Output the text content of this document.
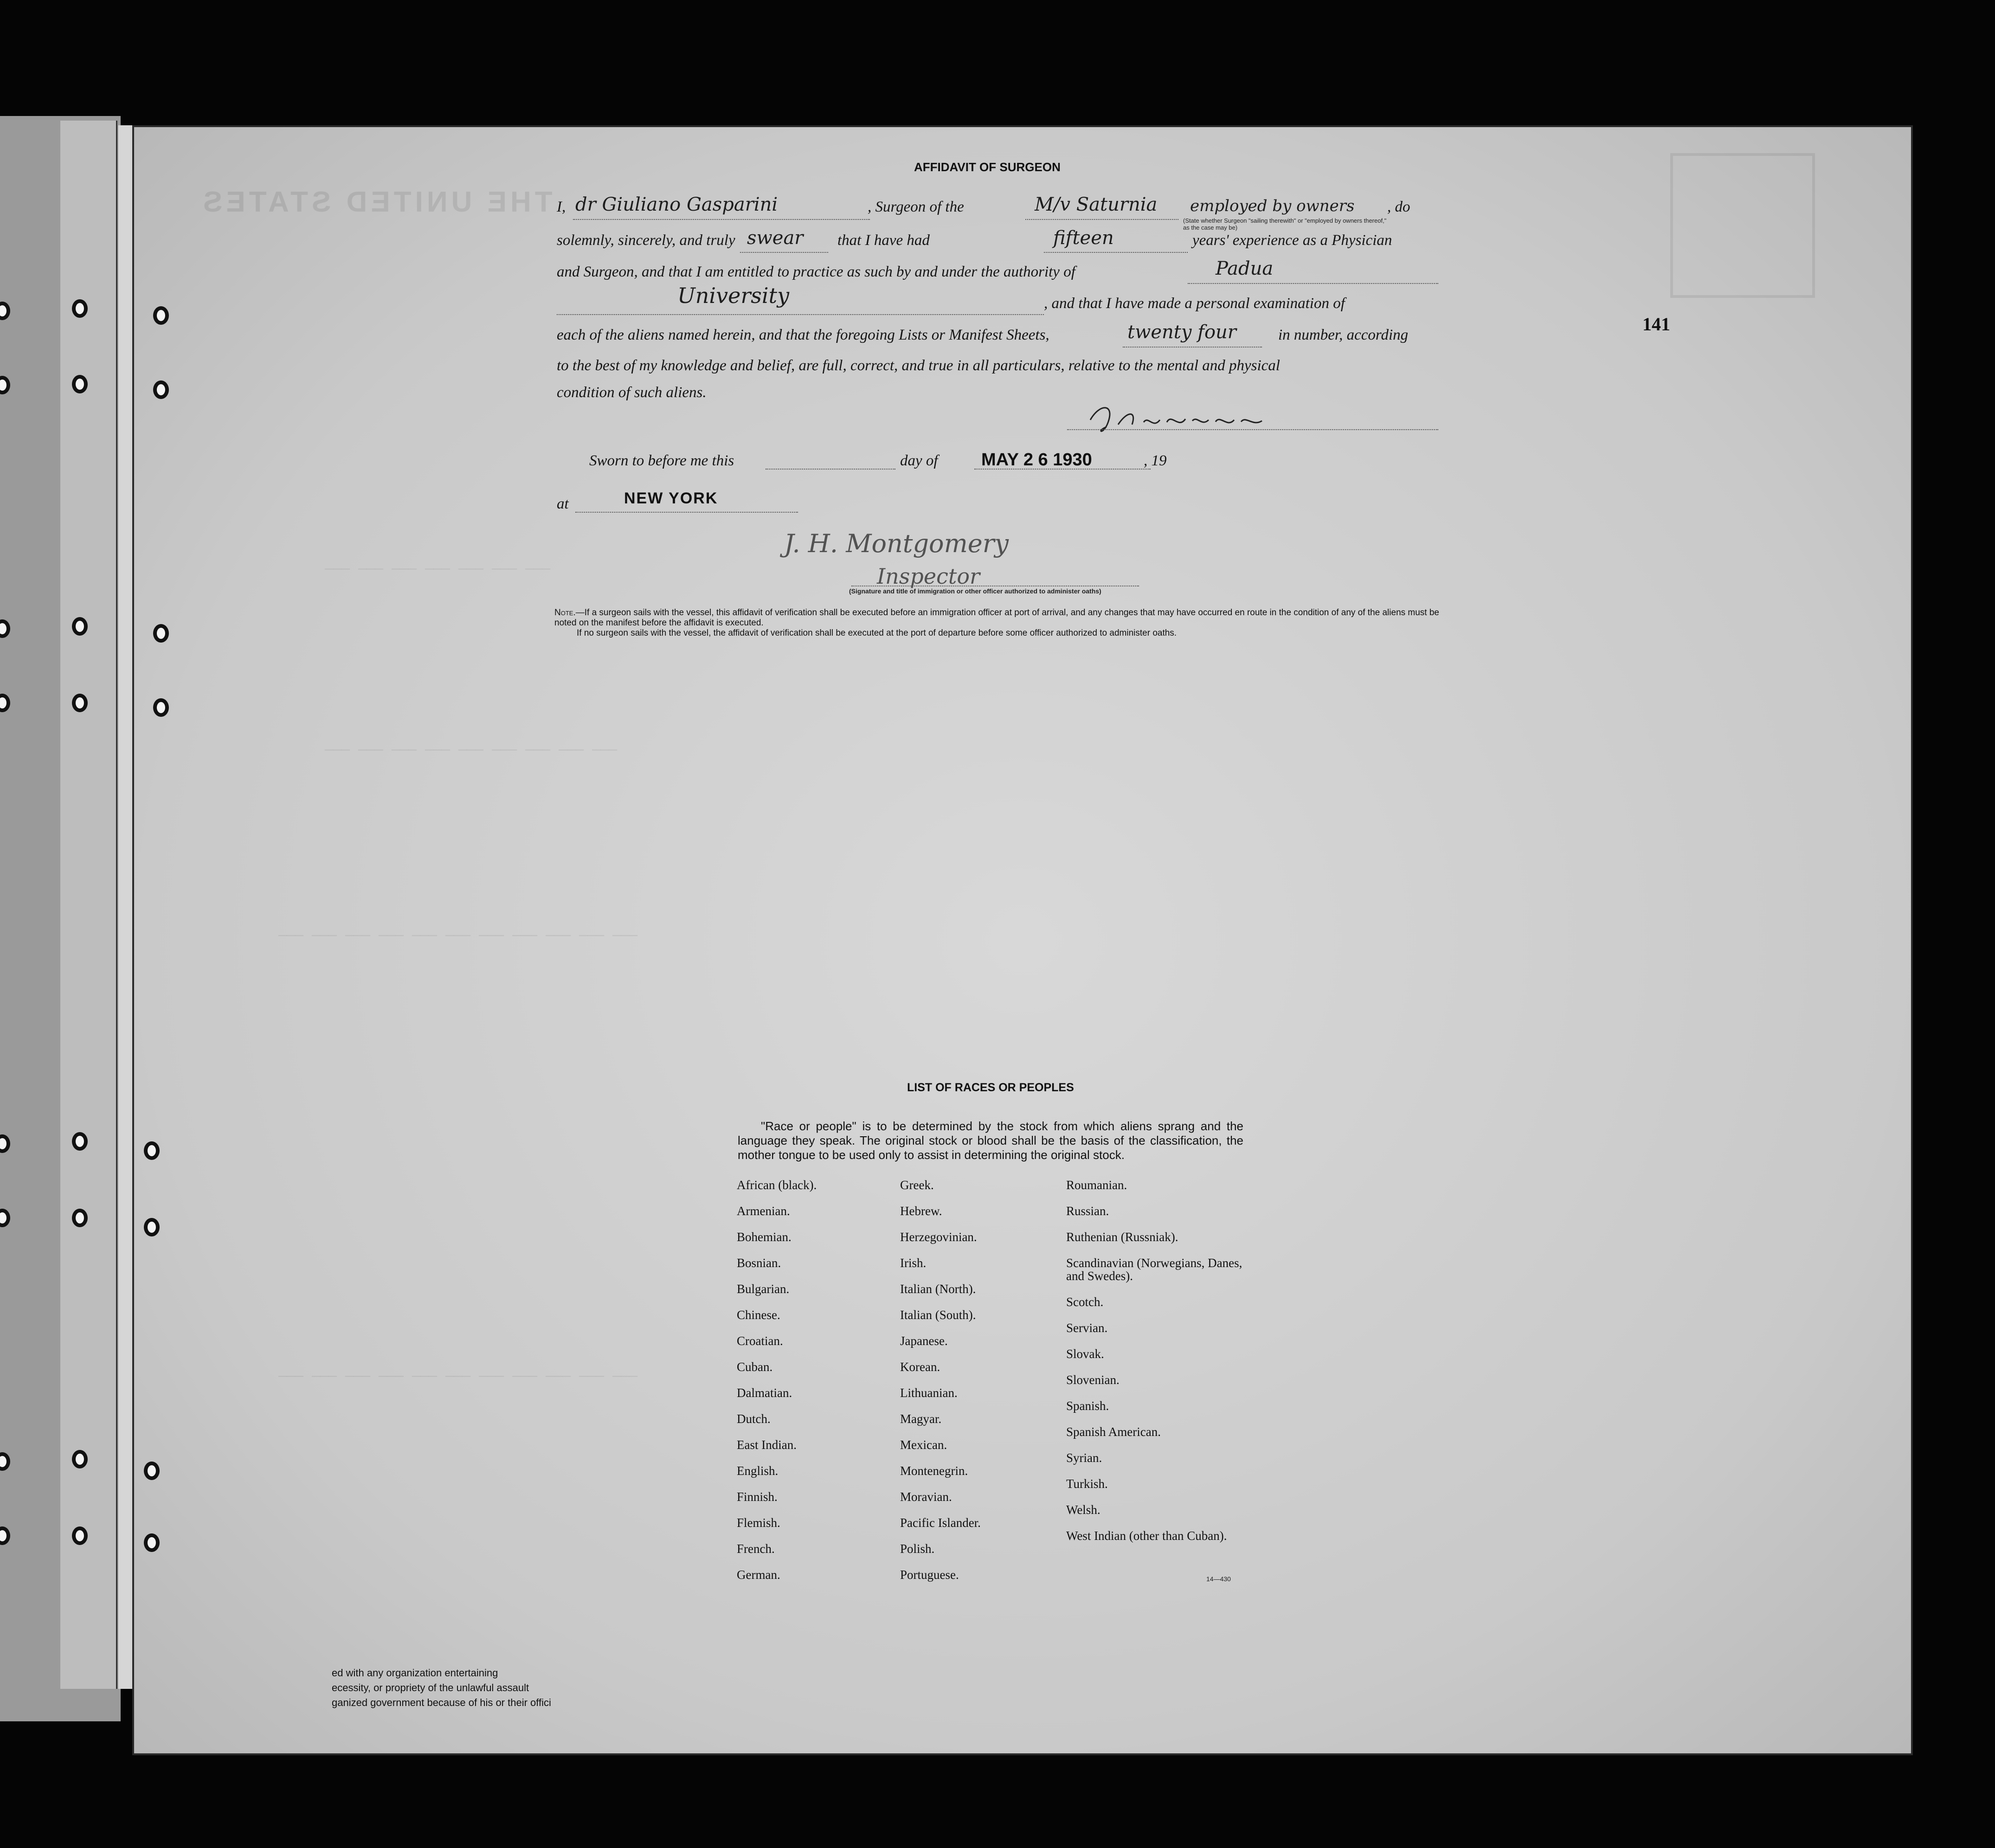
THE UNITED STATES
——— ——— ——— ——— ——— ——— ———
——— ——— ——— ——— ——— ——— ——— ——— ———
——— ——— ——— ——— ——— ——— ——— ——— ——— ——— ———
——— ——— ——— ——— ——— ——— ——— ——— ——— ——— ———
AFFIDAVIT OF SURGEON
I, dr Giuliano Gasparini	, Surgeon of the	M/v Saturnia employed by owners , do
(State whether Surgeon "sailing therewith" or "employed by owners thereof," as the case may be)
solemnly, sincerely, and truly swear that I have had	fifteen	years' experience as a Physician
and Surgeon, and that I am entitled to practice as such by and under the authority of	Padua
University	, and that I have made a personal examination of
each of the aliens named herein, and that the foregoing Lists or Manifest Sheets,	twenty four	in number, according
to the best of my knowledge and belief, are full, correct, and true in all particulars, relative to the mental and physical
condition of such aliens.
Sworn to before me this	day of MAY 2 6 1930	, 19
at	NEW YORK
J. H. Montgomery
Inspector
(Signature and title of immigration or other officer authorized to administer oaths)

Note.—If a surgeon sails with the vessel, this affidavit of verification shall be executed before an immigration officer at port of arrival, and any changes that may have occurred en route in the condition of any of the aliens must be noted on the manifest before the affidavit is executed.

If no surgeon sails with the vessel, the affidavit of verification shall be executed at the port of departure before some officer authorized to administer oaths.

141
LIST OF RACES OR PEOPLES
"Race or people" is to be determined by the stock from which aliens sprang and the language they speak. The original stock or blood shall be the basis of the classification, the mother tongue to be used only to assist in determining the original stock.
African (black).
Armenian.
Bohemian.
Bosnian.
Bulgarian.
Chinese.
Croatian.
Cuban.
Dalmatian.
Dutch.
East Indian.
English.
Finnish.
Flemish.
French.
German.
Greek.
Hebrew.
Herzegovinian.
Irish.
Italian (North).
Italian (South).
Japanese.
Korean.
Lithuanian.
Magyar.
Mexican.
Montenegrin.
Moravian.
Pacific Islander.
Polish.
Portuguese.
Roumanian.
Russian.
Ruthenian (Russniak).
Scandinavian (Norwegians, Danes, and Swedes).
Scotch.
Servian.
Slovak.
Slovenian.
Spanish.
Spanish American.
Syrian.
Turkish.
Welsh.
West Indian (other than Cuban).
14—430
ed with any organization entertaining
ecessity, or propriety of the unlawful assault
ganized government because of his or their offici
